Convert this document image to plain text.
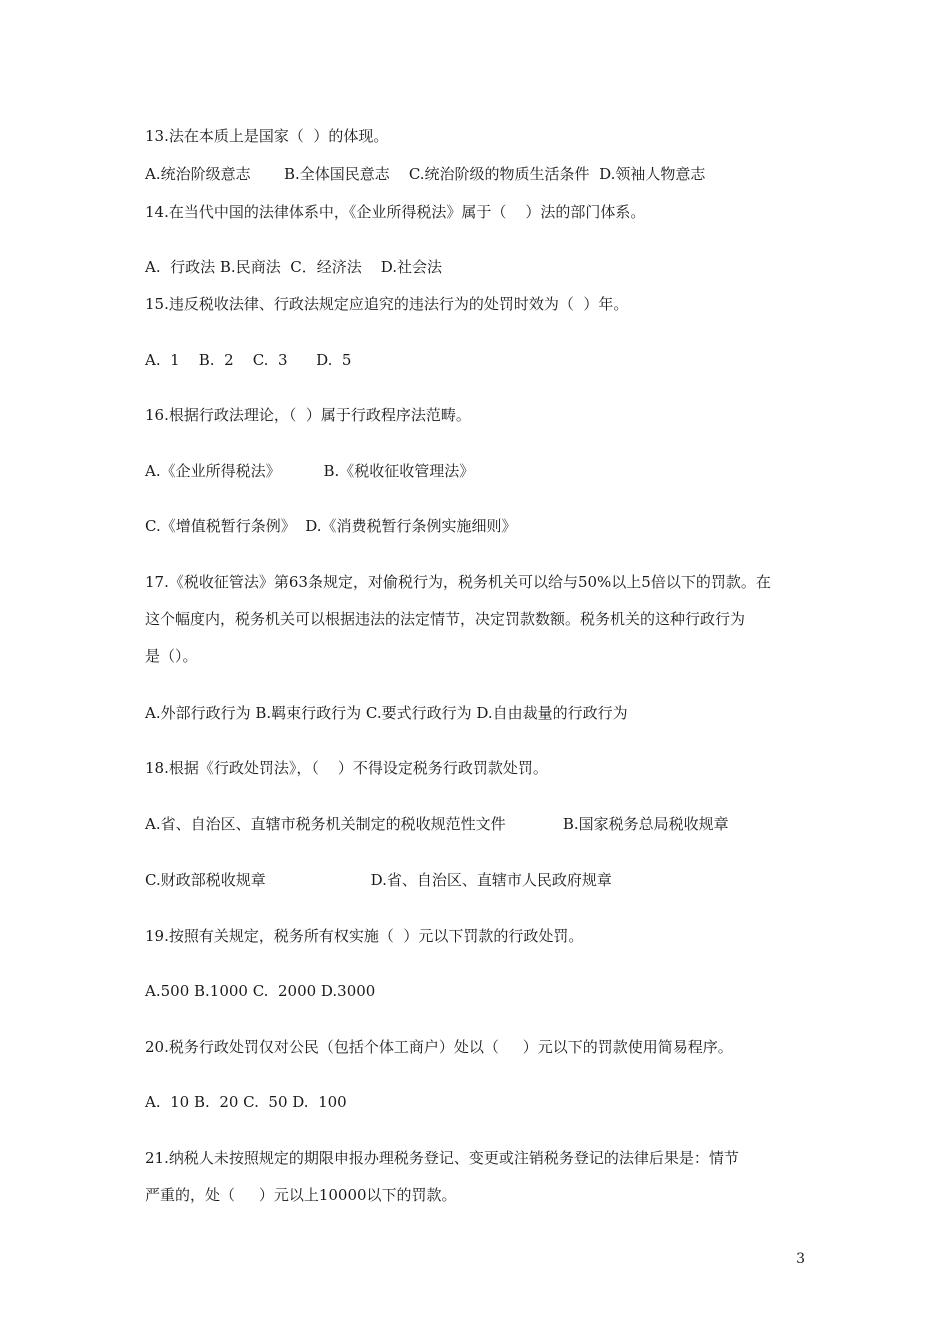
13.法在本质上是国家（  ）的体现。

A.统治阶级意志       B.全体国民意志    C.统治阶级的物质生活条件  D.领袖人物意志

14.在当代中国的法律体系中，《企业所得税法》属于（    ）法的部门体系。

A.  行政法 B.民商法  C．经济法    D.社会法

15.违反税收法律、行政法规定应追究的违法行为的处罚时效为（  ）年。

A.  1    B.  2    C.  3      D.  5

16.根据行政法理论，（  ）属于行政程序法范畴。

A.《企业所得税法》         B.《税收征收管理法》

C.《增值税暂行条例》  D.《消费税暂行条例实施细则》

17.《税收征管法》第63条规定，对偷税行为，税务机关可以给与50%以上5倍以下的罚款。在

这个幅度内，税务机关可以根据违法的法定情节，决定罚款数额。税务机关的这种行政行为

是（）。

A.外部行政行为 B.羁束行政行为 C.要式行政行为 D.自由裁量的行政行为

18.根据《行政处罚法》，（    ）不得设定税务行政罚款处罚。

A.省、自治区、直辖市税务机关制定的税收规范性文件            B.国家税务总局税收规章

C.财政部税收规章                      D.省、自治区、直辖市人民政府规章

19.按照有关规定，税务所有权实施（  ）元以下罚款的行政处罚。

A.500 B.1000 C.  2000 D.3000

20.税务行政处罚仅对公民（包括个体工商户）处以（     ）元以下的罚款使用简易程序。

A.  10 B.  20 C.  50 D.  100

21.纳税人未按照规定的期限申报办理税务登记、变更或注销税务登记的法律后果是：情节

严重的，处（     ）元以上10000以下的罚款。

3
